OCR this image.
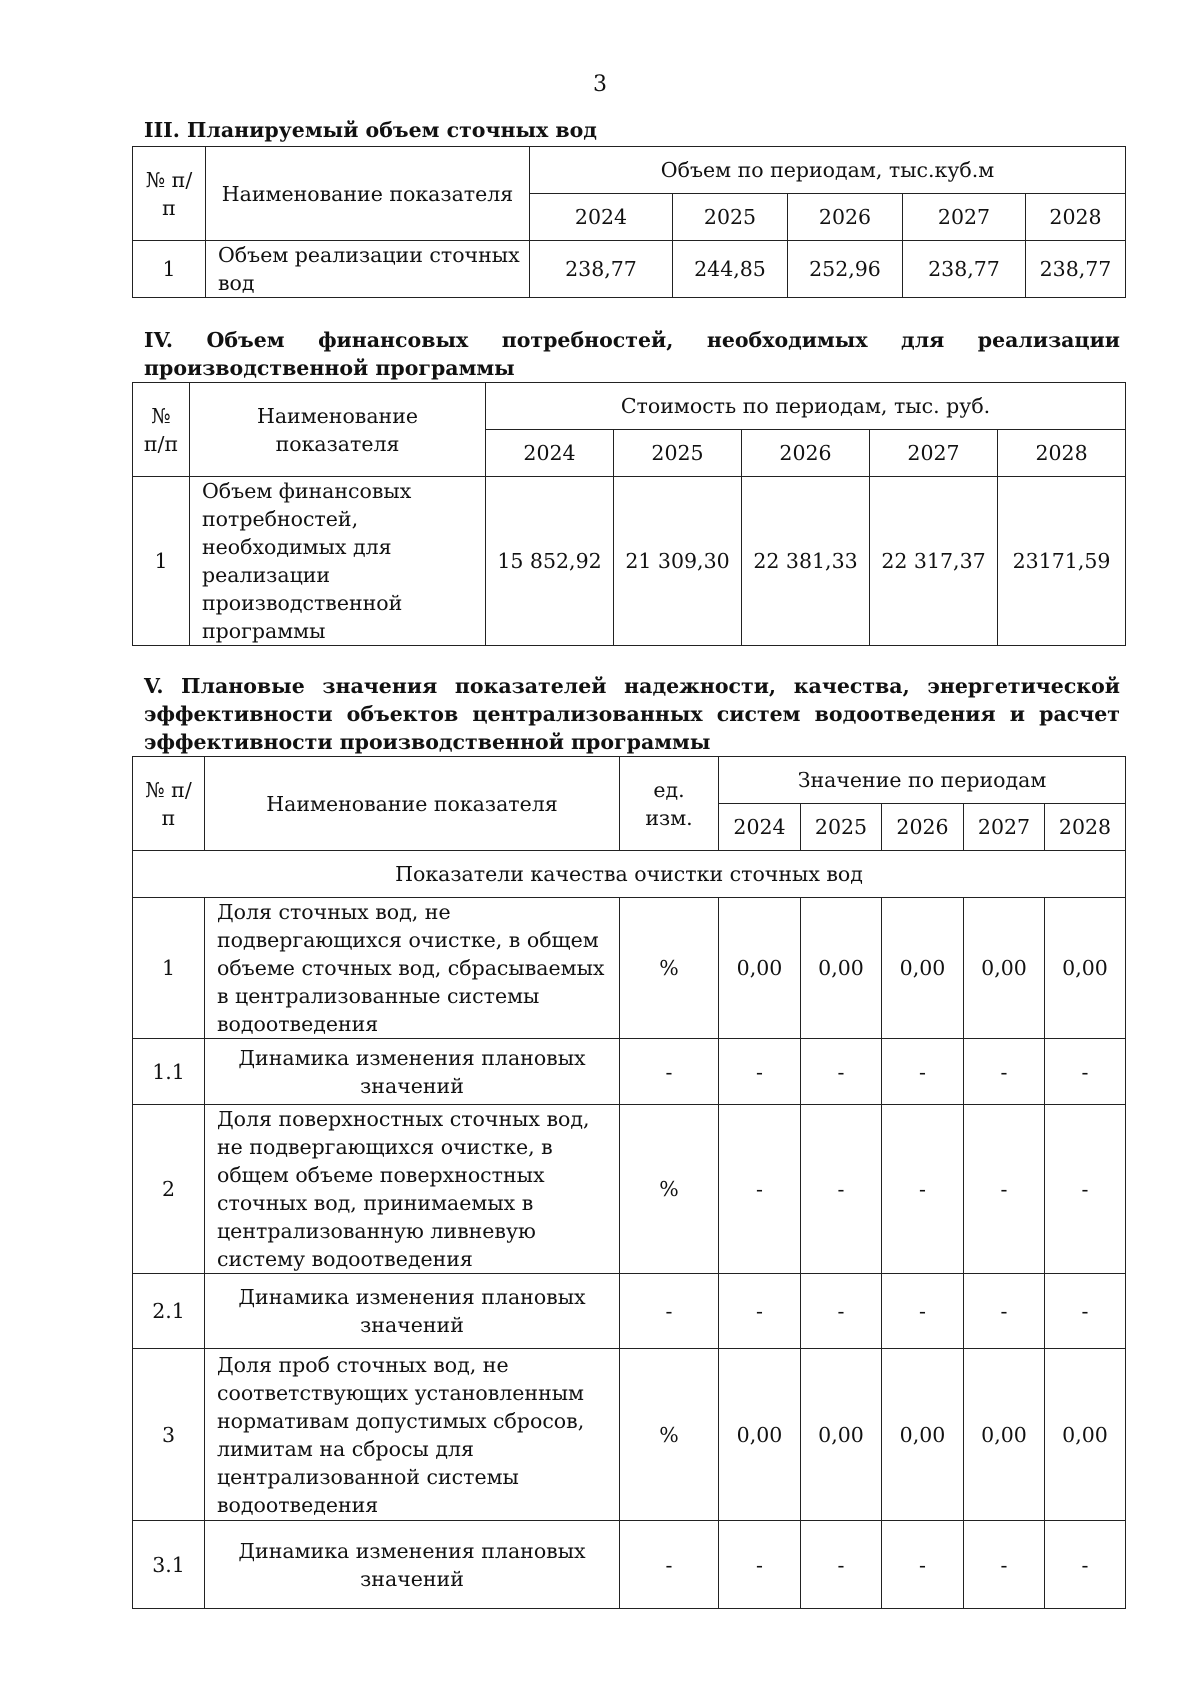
3
III. Планируемый объем сточных вод
№ п/п	Наименование показателя	Объем по периодам, тыс.куб.м				
		2024	2025	2026	2027	2028
1	Объем реализации сточных вод	238,77	244,85	252,96	238,77	238,77
IV. Объем финансовых потребностей, необходимых для реализации производственной программы
№ п/п	Наименование показателя	Стоимость по периодам, тыс. руб.				
		2024	2025	2026	2027	2028
1	Объем финансовых потребностей, необходимых для реализации производственной программы	15 852,92	21 309,30	22 381,33	22 317,37	23171,59
V. Плановые значения показателей надежности, качества, энергетической эффективности объектов централизованных систем водоотведения и расчет эффективности производственной программы
№ п/п	Наименование показателя	ед. изм.	Значение по периодам				
			2024	2025	2026	2027	2028
Показатели качества очистки сточных вод							
1	Доля сточных вод, не подвергающихся очистке, в общем объеме сточных вод, сбрасываемых в централизованные системы водоотведения	%	0,00	0,00	0,00	0,00	0,00
1.1	Динамика изменения плановых значений	-	-	-	-	-	-
2	Доля поверхностных сточных вод, не подвергающихся очистке, в общем объеме поверхностных сточных вод, принимаемых в централизованную ливневую систему водоотведения	%	-	-	-	-	-
2.1	Динамика изменения плановых значений	-	-	-	-	-	-
3	Доля проб сточных вод, не соответствующих установленным нормативам допустимых сбросов, лимитам на сбросы для централизованной системы водоотведения	%	0,00	0,00	0,00	0,00	0,00
3.1	Динамика изменения плановых значений	-	-	-	-	-	-
